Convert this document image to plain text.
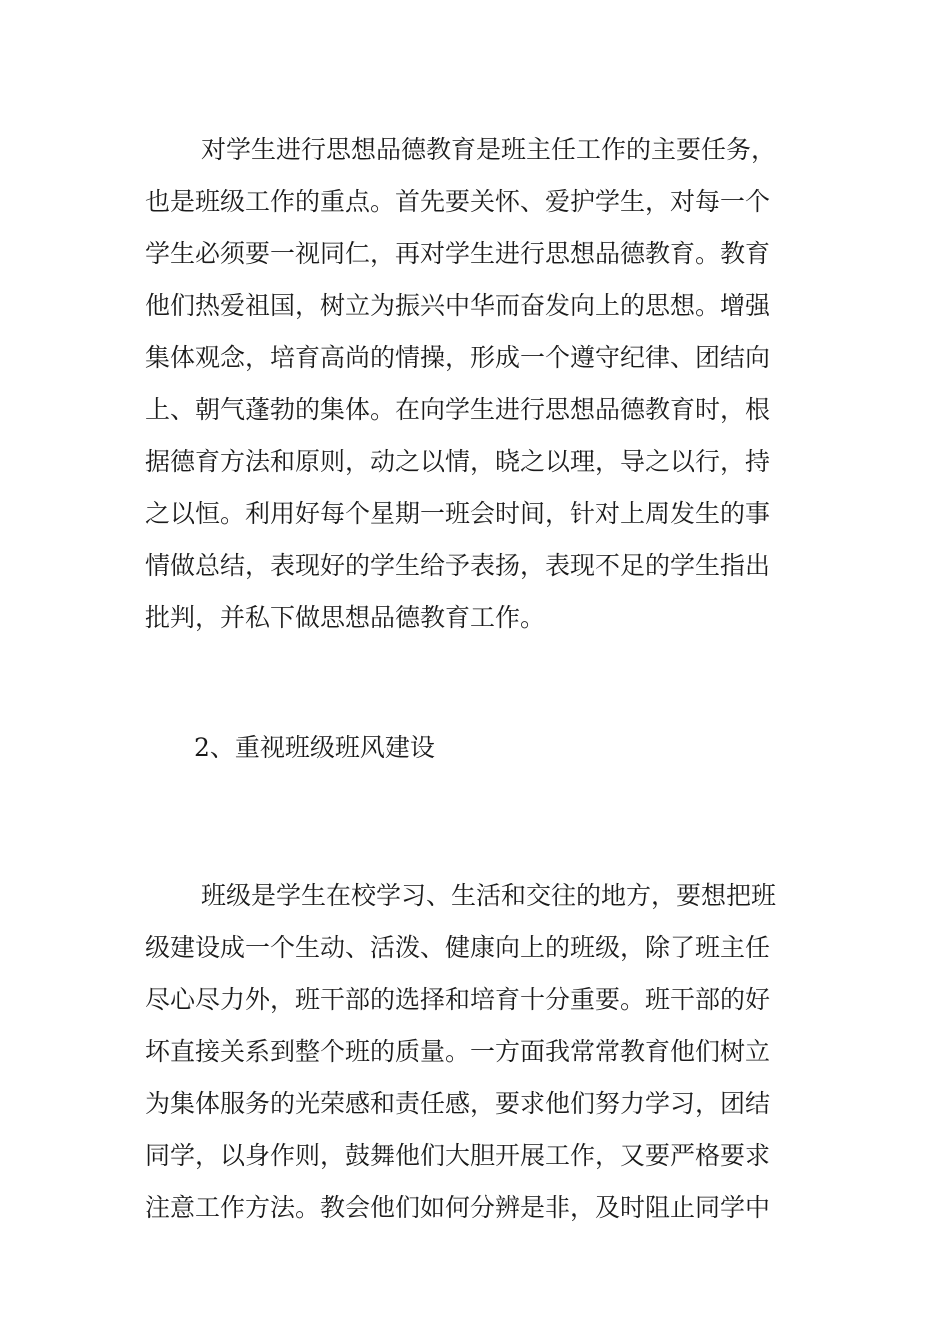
对学生进行思想品德教育是班主任工作的主要任务，
也是班级工作的重点。首先要关怀、爱护学生，对每一个
学生必须要一视同仁，再对学生进行思想品德教育。教育
他们热爱祖国，树立为振兴中华而奋发向上的思想。增强
集体观念，培育高尚的情操，形成一个遵守纪律、团结向
上、朝气蓬勃的集体。在向学生进行思想品德教育时，根
据德育方法和原则，动之以情，晓之以理，导之以行，持
之以恒。利用好每个星期一班会时间，针对上周发生的事
情做总结，表现好的学生给予表扬，表现不足的学生指出
批判，并私下做思想品德教育工作。
2、重视班级班风建设
班级是学生在校学习、生活和交往的地方，要想把班
级建设成一个生动、活泼、健康向上的班级，除了班主任
尽心尽力外，班干部的选择和培育十分重要。班干部的好
坏直接关系到整个班的质量。一方面我常常教育他们树立
为集体服务的光荣感和责任感，要求他们努力学习，团结
同学，以身作则，鼓舞他们大胆开展工作，又要严格要求
注意工作方法。教会他们如何分辨是非，及时阻止同学中
